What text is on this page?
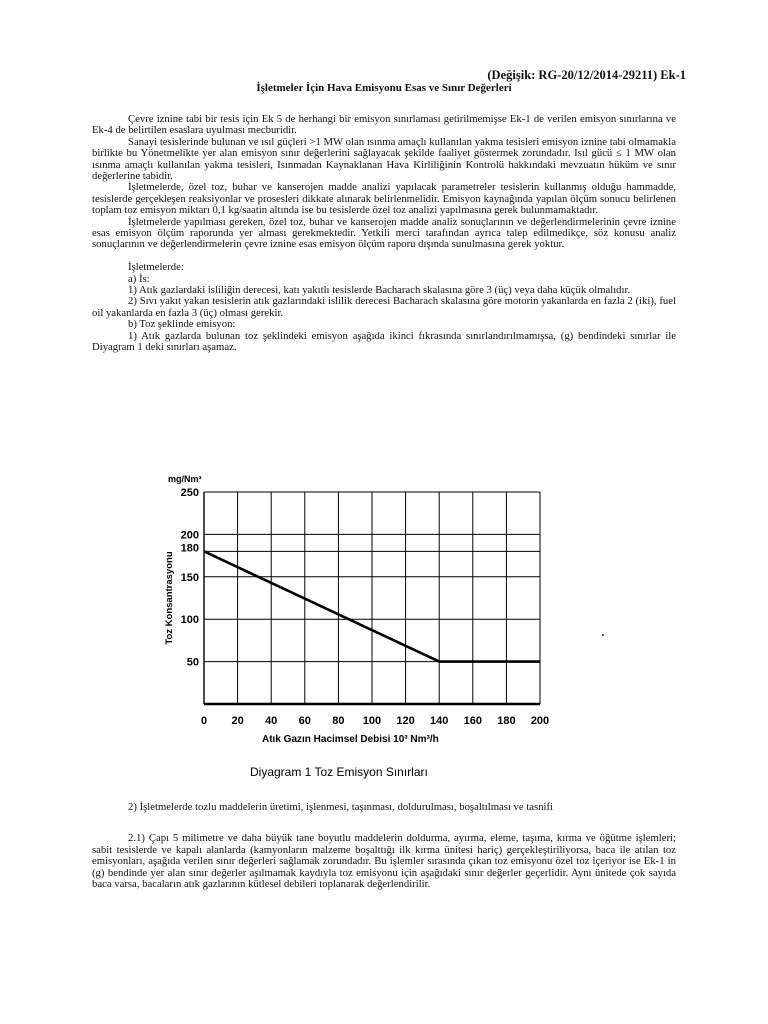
(Değişik: RG-20/12/2014-29211) Ek-1
İşletmeler İçin Hava Emisyonu Esas ve Sınır Değerleri

Çevre iznine tabi bir tesis için Ek 5 de herhangi bir emisyon sınırlaması getirilmemişse Ek-1 de verilen emisyon sınırlarına ve Ek-4 de belirtilen esaslara uyulması mecburidir.

Sanayi tesislerinde bulunan ve ısıl güçleri >1 MW olan ısınma amaçlı kullanılan yakma tesisleri emisyon iznine tabi olmamakla birlikte bu Yönetmelikte yer alan emisyon sınır değerlerini sağlayacak şekilde faaliyet göstermek zorundadır. Isıl gücü ≤ 1 MW olan ısınma amaçlı kullanılan yakma tesisleri, Isınmadan Kaynaklanan Hava Kirliliğinin Kontrolü hakkındaki mevzuatın hüküm ve sınır değerlerine tabidir.

İşletmelerde, özel toz, buhar ve kanserojen madde analizi yapılacak parametreler tesislerin kullanmış olduğu hammadde, tesislerde gerçekleşen reaksiyonlar ve prosesleri dikkate alınarak belirlenmelidir. Emisyon kaynağında yapılan ölçüm sonucu belirlenen toplam toz emisyon miktarı 0,1 kg/saatin altında ise bu tesislerde özel toz analizi yapılmasına gerek bulunmamaktadır.

İşletmelerde yapılması gereken, özel toz, buhar ve kanserojen madde analiz sonuçlarının ve değerlendirmelerinin çevre iznine esas emisyon ölçüm raporunda yer alması gerekmektedir. Yetkili merci tarafından ayrıca talep edilmedikçe, söz konusu analiz sonuçlarının ve değerlendirmelerin çevre iznine esas emisyon ölçüm raporu dışında sunulmasına gerek yoktur.

İşletmelerde:

a) İs:

1) Atık gazlardaki isliliğin derecesi, katı yakıtlı tesislerde Bacharach skalasına göre 3 (üç) veya daha küçük olmalıdır.

2) Sıvı yakıt yakan tesislerin atık gazlarındaki islilik derecesi Bacharach skalasına göre motorin yakanlarda en fazla 2 (iki), fuel oil yakanlarda en fazla 3 (üç) olması gerekir.

b) Toz şeklinde emisyon:

1) Atık gazlarda bulunan toz şeklindeki emisyon aşağıda ikinci fıkrasında sınırlandırılmamışsa, (g) bendindeki sınırlar ile Diyagram 1 deki sınırları aşamaz.

0 20 40 60 80 100 120 140 160 180 200
50
100
150
180
200
250
mg/Nm³
Toz Konsantrasyonu
Atık Gazın Hacimsel Debisi 10³ Nm³/h
Diyagram 1 Toz Emisyon Sınırları

2) İşletmelerde tozlu maddelerin üretimi, işlenmesi, taşınması, doldurulması, boşaltılması ve tasnifi

2.1) Çapı 5 milimetre ve daha büyük tane boyutlu maddelerin doldurma, ayırma, eleme, taşıma, kırma ve öğütme işlemleri; sabit tesislerde ve kapalı alanlarda (kamyonların malzeme boşalttığı ilk kırma ünitesi hariç) gerçekleştiriliyorsa, baca ile atılan toz emisyonları, aşağıda verilen sınır değerleri sağlamak zorundadır. Bu işlemler sırasında çıkan toz emisyonu özel toz içeriyor ise Ek-1 in (g) bendinde yer alan sınır değerler aşılmamak kaydıyla toz emisyonu için aşağıdaki sınır değerler geçerlidir. Aynı ünitede çok sayıda baca varsa, bacaların atık gazlarının kütlesel debileri toplanarak değerlendirilir.
